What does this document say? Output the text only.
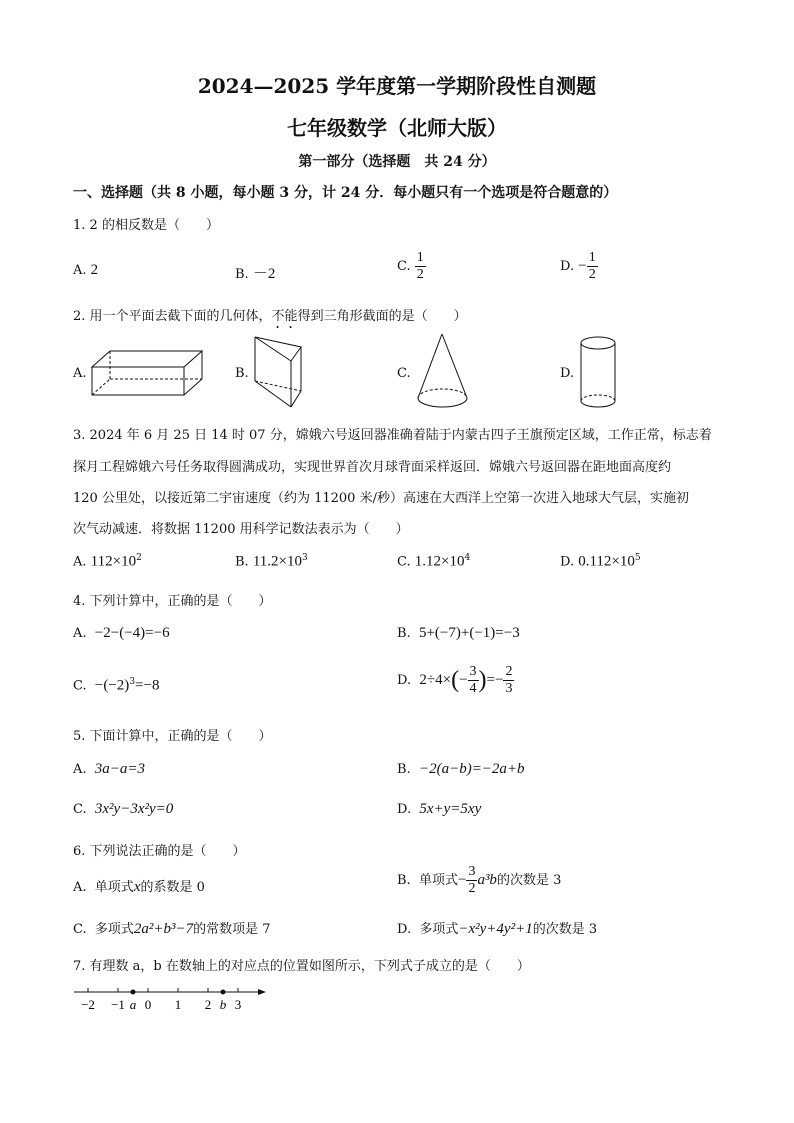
2024—2025 学年度第一学期阶段性自测题
七年级数学（北师大版）
第一部分（选择题　共 24 分）
一、选择题（共 8 小题，每小题 3 分，计 24 分．每小题只有一个选项是符合题意的）
1. 2 的相反数是（　　）
A. 2	B. －2	C. $\frac{1}{2}$	D. − $\frac{1}{2}$
2. 用一个平面去截下面的几何体，不能得到三角形截面的是（　　）
A.	B.	C.	D.
3. 2024 年 6 月 25 日 14 时 07 分，嫦娥六号返回器准确着陆于内蒙古四子王旗预定区域，工作正常，标志着
探月工程嫦娥六号任务取得圆满成功，实现世界首次月球背面采样返回．嫦娥六号返回器在距地面高度约
120 公里处，以接近第二宇宙速度（约为 11200 米/秒）高速在大西洋上空第一次进入地球大气层，实施初
次气动减速．将数据 11200 用科学记数法表示为（　　）
A. $112\times 10^2$	B. $11.2\times 10^3$	C. $1.12\times 10^4$	D. $0.112\times 10^5$
4. 下列计算中，正确的是（　　）
A. −2−(−4)=−6	B. 5+(−7)+(−1)=−3
C. $-(-2)^3=-8$	D. $2\div 4\times(- \frac{3}{4}$ )=− $\frac{2}{3}$
5. 下面计算中，正确的是（　　）
A. 3a−a=3	B. −2(a−b)=−2a+b
C. 3x²y−3x²y=0	D. 5x+y=5xy
6. 下列说法正确的是（　　）
A. 单项式x的系数是 0	B. 单项式− $\frac{3}{2} a^3b$的次数是 3
C. 多项式2a²+b³−7的常数项是 7	D. 多项式−x²y+4y²+1的次数是 3
7. 有理数 a，b 在数轴上的对应点的位置如图所示，下列式子成立的是（　　）
−2 −1 0 1 2 3
a	b
